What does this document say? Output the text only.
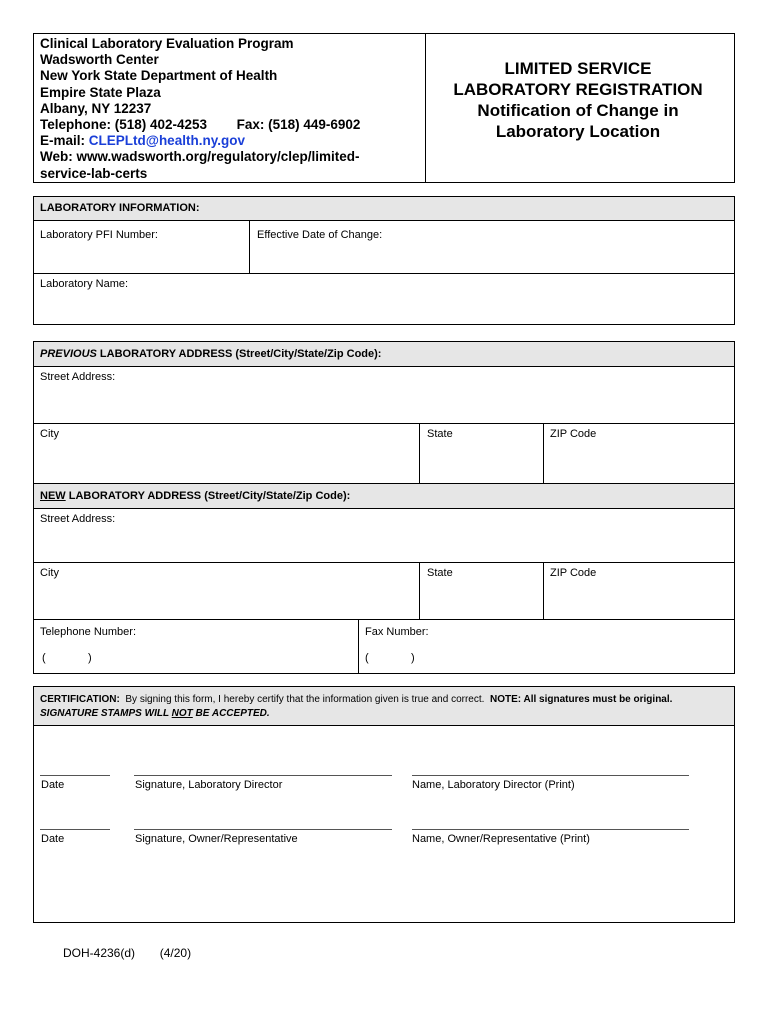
Clinical Laboratory Evaluation Program
Wadsworth Center
New York State Department of Health
Empire State Plaza
Albany, NY 12237
Telephone: (518) 402-4253 Fax: (518) 449-6902
E-mail: CLEPLtd@health.ny.gov
Web: www.wadsworth.org/regulatory/clep/limited-
service-lab-certs
LIMITED SERVICE
LABORATORY REGISTRATION
Notification of Change in
Laboratory Location
LABORATORY INFORMATION:
Laboratory PFI Number:	Effective Date of Change:
Laboratory Name:
PREVIOUS LABORATORY ADDRESS (Street/City/State/Zip Code):
Street Address:
City	State	ZIP Code
NEW LABORATORY ADDRESS (Street/City/State/Zip Code):
Street Address:
City	State	ZIP Code
Telephone Number:
(	)
Fax Number:
(	)
CERTIFICATION:  By signing this form, I hereby certify that the information given is true and correct.  NOTE: All signatures must be original.
SIGNATURE STAMPS WILL NOT BE ACCEPTED.
Date	Signature, Laboratory Director	Name, Laboratory Director (Print)
Date	Signature, Owner/Representative	Name, Owner/Representative (Print)
DOH-4236(d) (4/20)
